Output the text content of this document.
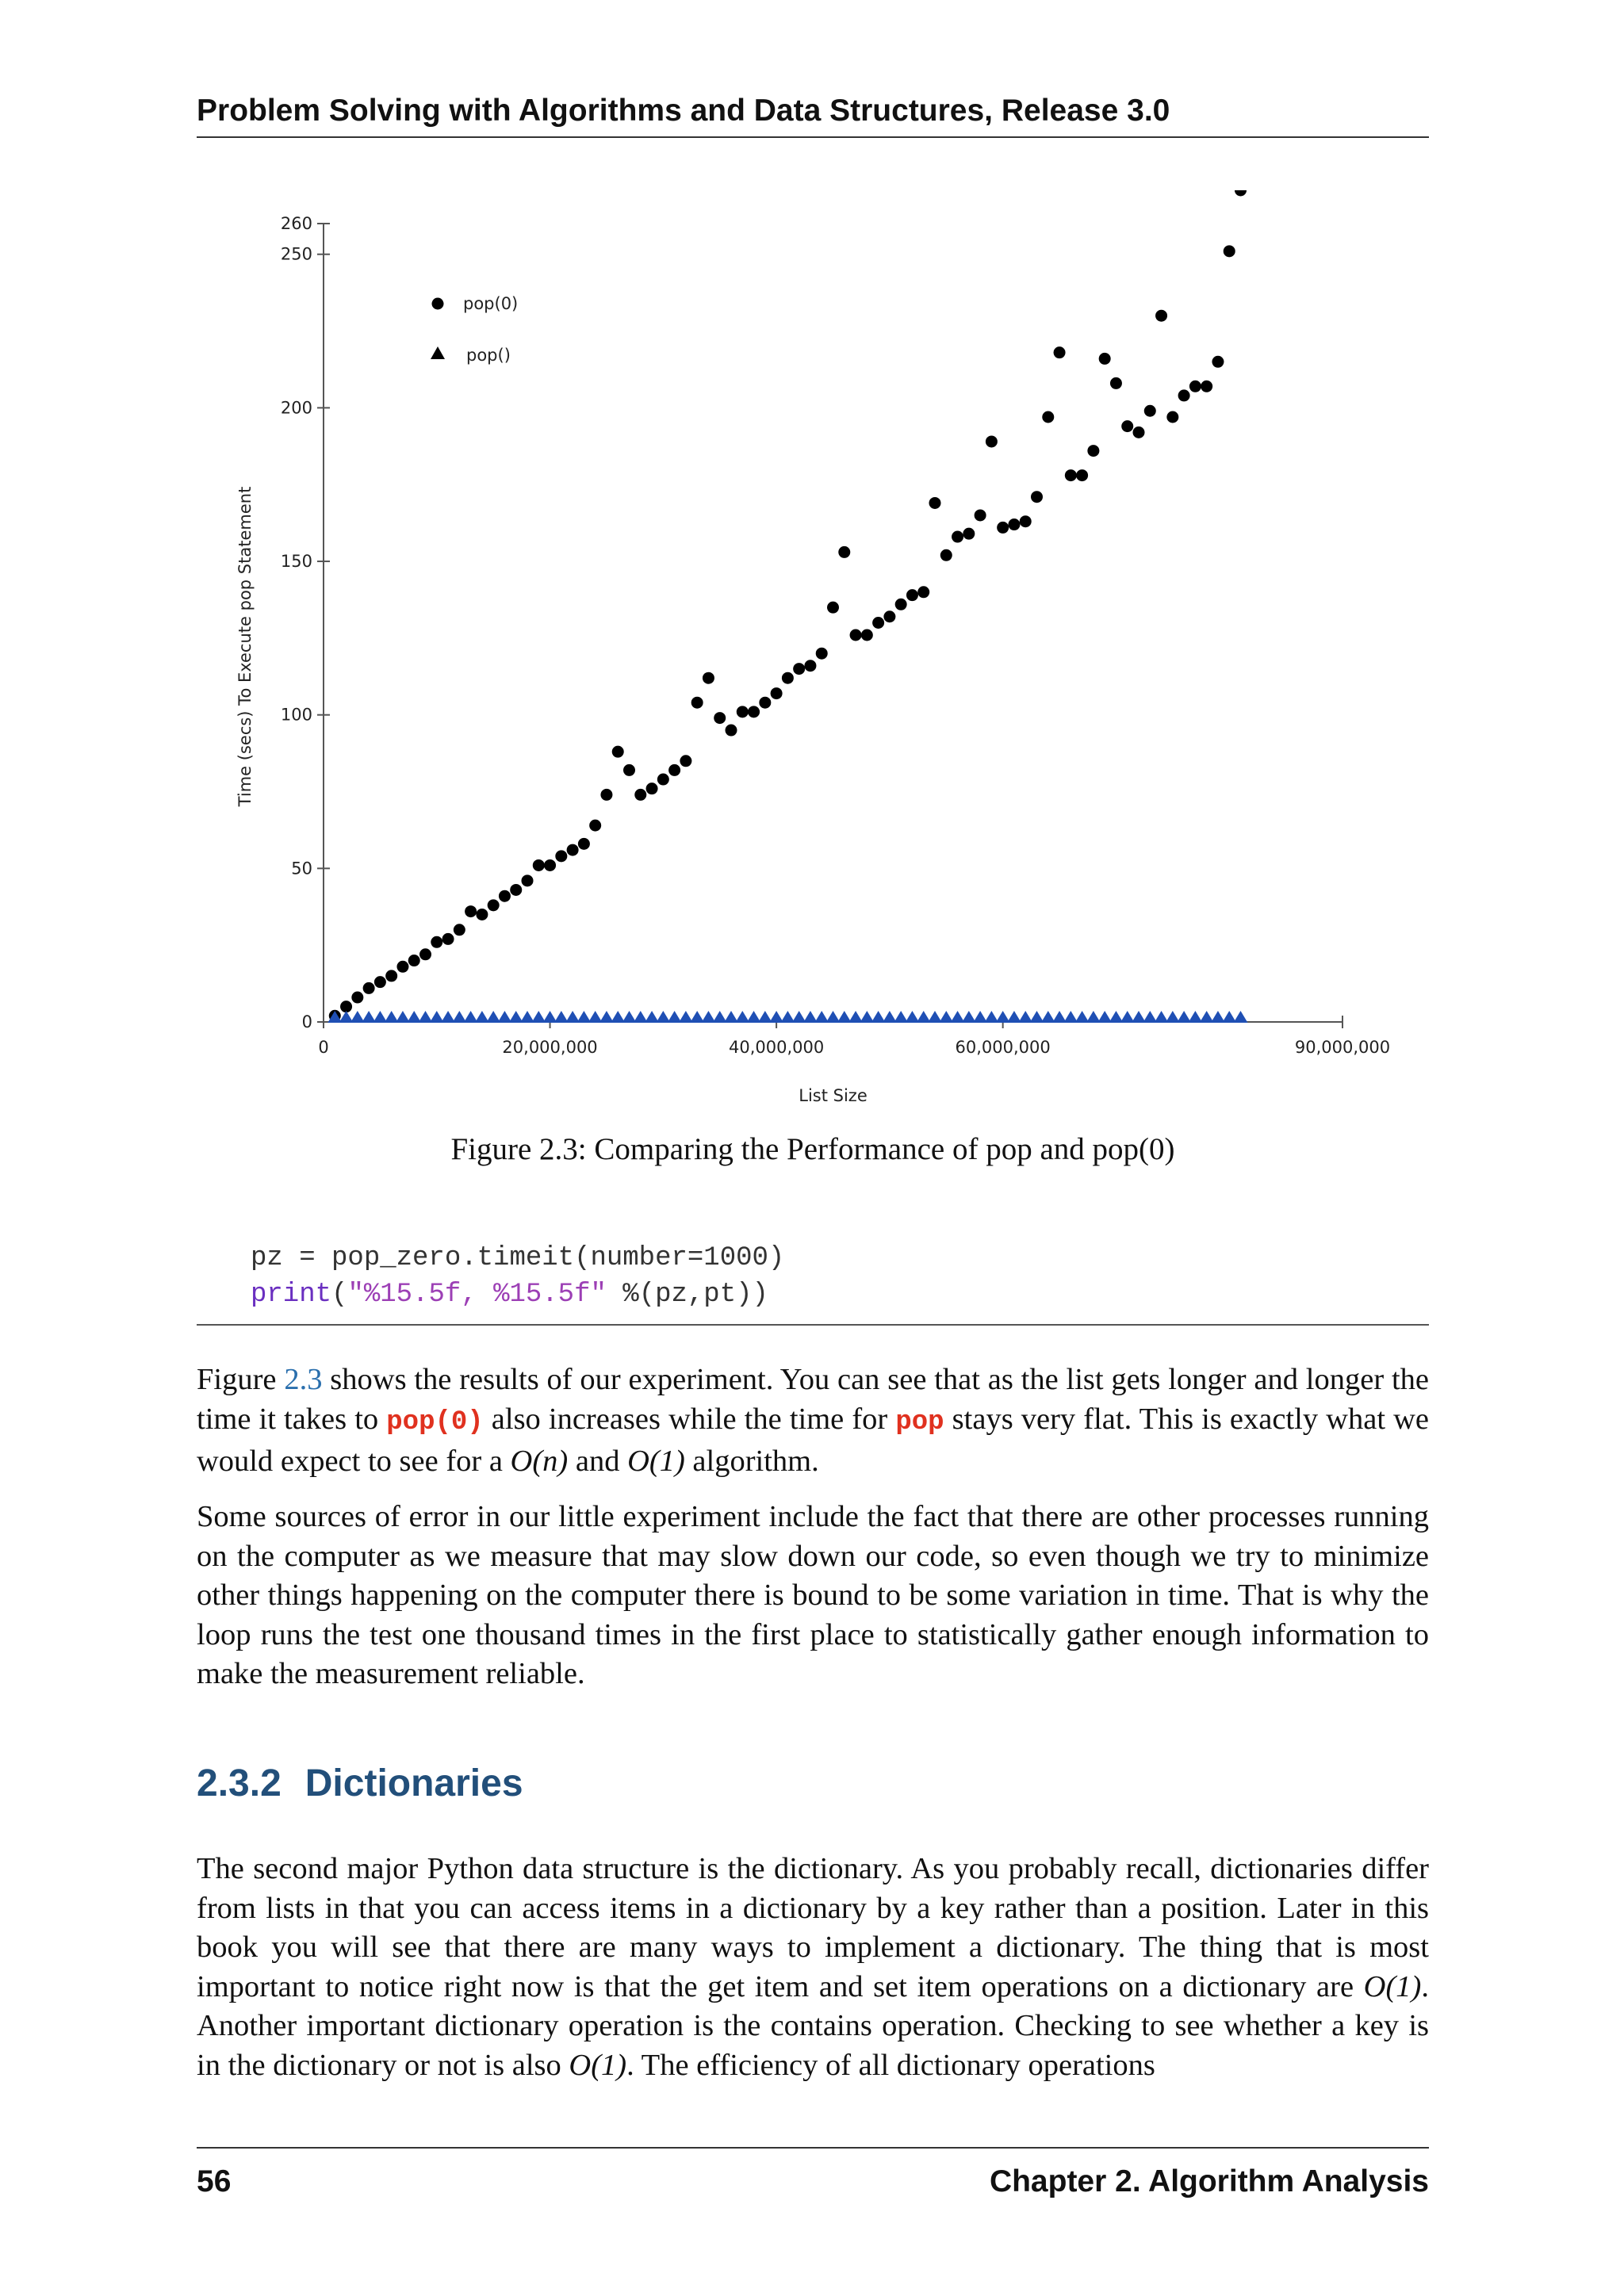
Problem Solving with Algorithms and Data Structures, Release 3.0
0
50
100
150
200
250
260
0	20,000,000	40,000,000	60,000,000	90,000,000
List Size
Time (secs) To Execute pop Statement
pop(0)
pop()
Figure 2.3: Comparing the Performance of pop and pop(0)
pz = pop_zero.timeit(number=1000)
print("%15.5f, %15.5f" %(pz,pt))

Figure 2.3 shows the results of our experiment. You can see that as the list gets longer and longer the time it takes to pop(0) also increases while the time for pop stays very flat. This is exactly what we would expect to see for a O(n) and O(1) algorithm.

Some sources of error in our little experiment include the fact that there are other processes running on the computer as we measure that may slow down our code, so even though we try to minimize other things happening on the computer there is bound to be some variation in time. That is why the loop runs the test one thousand times in the first place to statistically gather enough information to make the measurement reliable.

2.3.2 Dictionaries

The second major Python data structure is the dictionary. As you probably recall, dictionaries differ from lists in that you can access items in a dictionary by a key rather than a position. Later in this book you will see that there are many ways to implement a dictionary. The thing that is most important to notice right now is that the get item and set item operations on a dictionary are O(1). Another important dictionary operation is the contains operation. Checking to see whether a key is in the dictionary or not is also O(1). The efficiency of all dictionary operations

56	Chapter 2. Algorithm Analysis
